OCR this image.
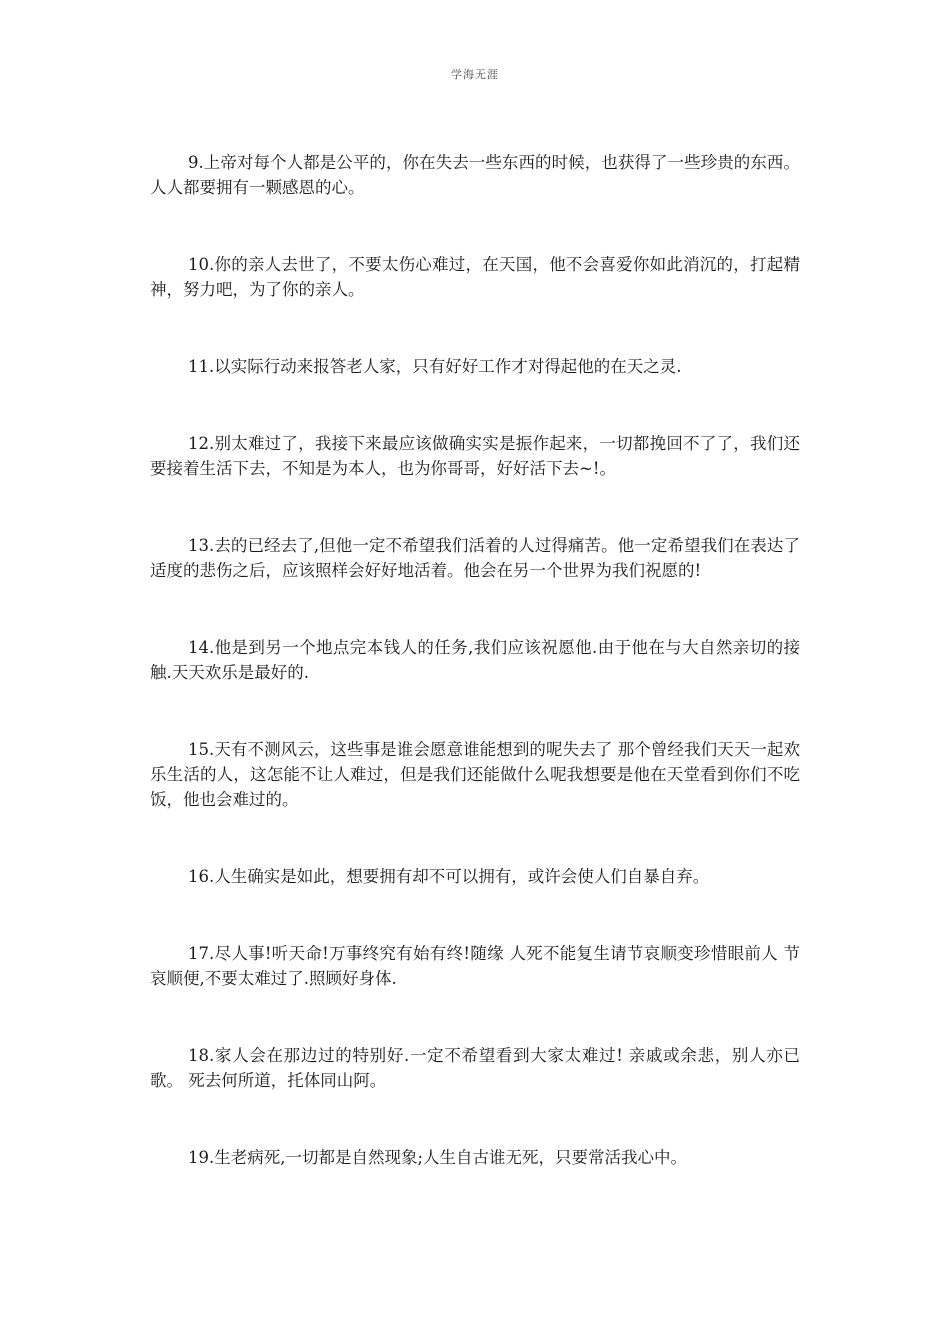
学海无涯

9.上帝对每个人都是公平的，你在失去一些东西的时候，也获得了一些珍贵的东西。人人都要拥有一颗感恩的心。

10.你的亲人去世了，不要太伤心难过，在天国，他不会喜爱你如此消沉的，打起精神，努力吧，为了你的亲人。

11.以实际行动来报答老人家，只有好好工作才对得起他的在天之灵.

12.别太难过了，我接下来最应该做确实实是振作起来，一切都挽回不了了，我们还要接着生活下去，不知是为本人，也为你哥哥，好好活下去~!。

13.去的已经去了,但他一定不希望我们活着的人过得痛苦。他一定希望我们在表达了适度的悲伤之后，应该照样会好好地活着。他会在另一个世界为我们祝愿的!

14.他是到另一个地点完本钱人的任务,我们应该祝愿他.由于他在与大自然亲切的接触.天天欢乐是最好的.

15.天有不测风云，这些事是谁会愿意谁能想到的呢失去了 那个曾经我们天天一起欢乐生活的人，这怎能不让人难过，但是我们还能做什么呢我想要是他在天堂看到你们不吃饭，他也会难过的。

16.人生确实是如此，想要拥有却不可以拥有，或许会使人们自暴自弃。

17.尽人事!听天命!万事终究有始有终!随缘 人死不能复生请节哀顺变珍惜眼前人 节哀顺便,不要太难过了.照顾好身体.

18.家人会在那边过的特别好.一定不希望看到大家太难过! 亲戚或余悲，别人亦已歌。 死去何所道，托体同山阿。

19.生老病死,一切都是自然现象;人生自古谁无死，只要常活我心中。
